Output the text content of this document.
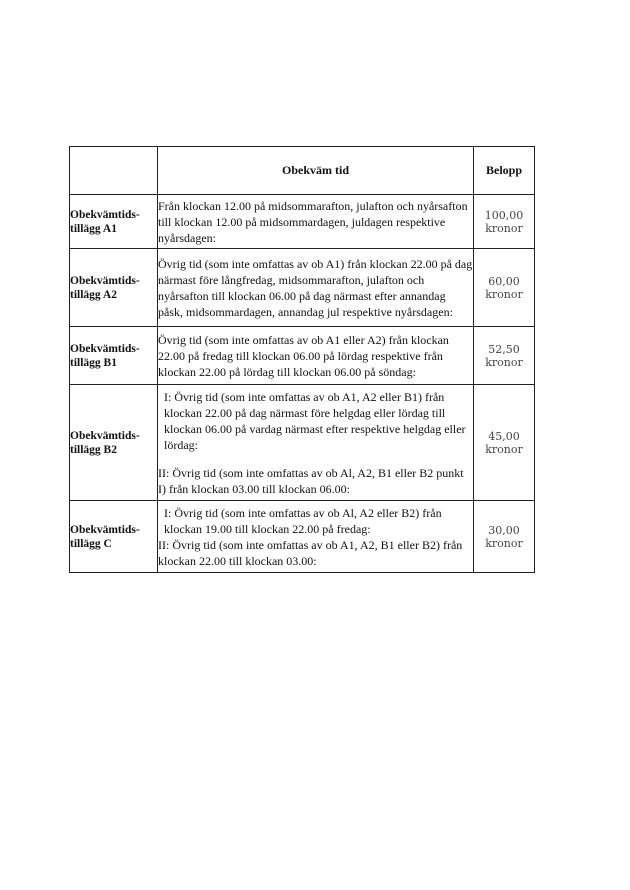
	Obekväm tid	Belopp

Obekvämtids-
tillägg A1	Från klockan 12.00 på midsommarafton, julafton och nyårsafton till klockan 12.00 på midsommardagen, juldagen respektive nyårsdagen:	100,00 kronor

Obekvämtids-
tillägg A2	Övrig tid (som inte omfattas av ob A1) från klockan 22.00 på dag närmast före långfredag, midsommarafton, julafton och nyårsafton till klockan 06.00 på dag närmast efter annandag påsk, midsommardagen, annandag jul respektive nyårsdagen:	60,00 kronor

Obekvämtids-
tillägg B1	Övrig tid (som inte omfattas av ob A1 eller A2) från klockan 22.00 på fredag till klockan 06.00 på lördag respektive från klockan 22.00 på lördag till klockan 06.00 på söndag:	52,50 kronor

Obekvämtids-
tillägg B2	I: Övrig tid (som inte omfattas av ob A1, A2 eller B1) från klockan 22.00 på dag närmast före helgdag eller lördag till klockan 06.00 på vardag närmast efter respektive helgdag eller lördag:
II: Övrig tid (som inte omfattas av ob Al, A2, B1 eller B2 punkt I) från klockan 03.00 till klockan 06.00:	45,00 kronor

Obekvämtids-
tillägg C	I: Övrig tid (som inte omfattas av ob Al, A2 eller B2) från klockan 19.00 till klockan 22.00 på fredag:
II: Övrig tid (som inte omfattas av ob A1, A2, B1 eller B2) från klockan 22.00 till klockan 03.00:	30,00 kronor
